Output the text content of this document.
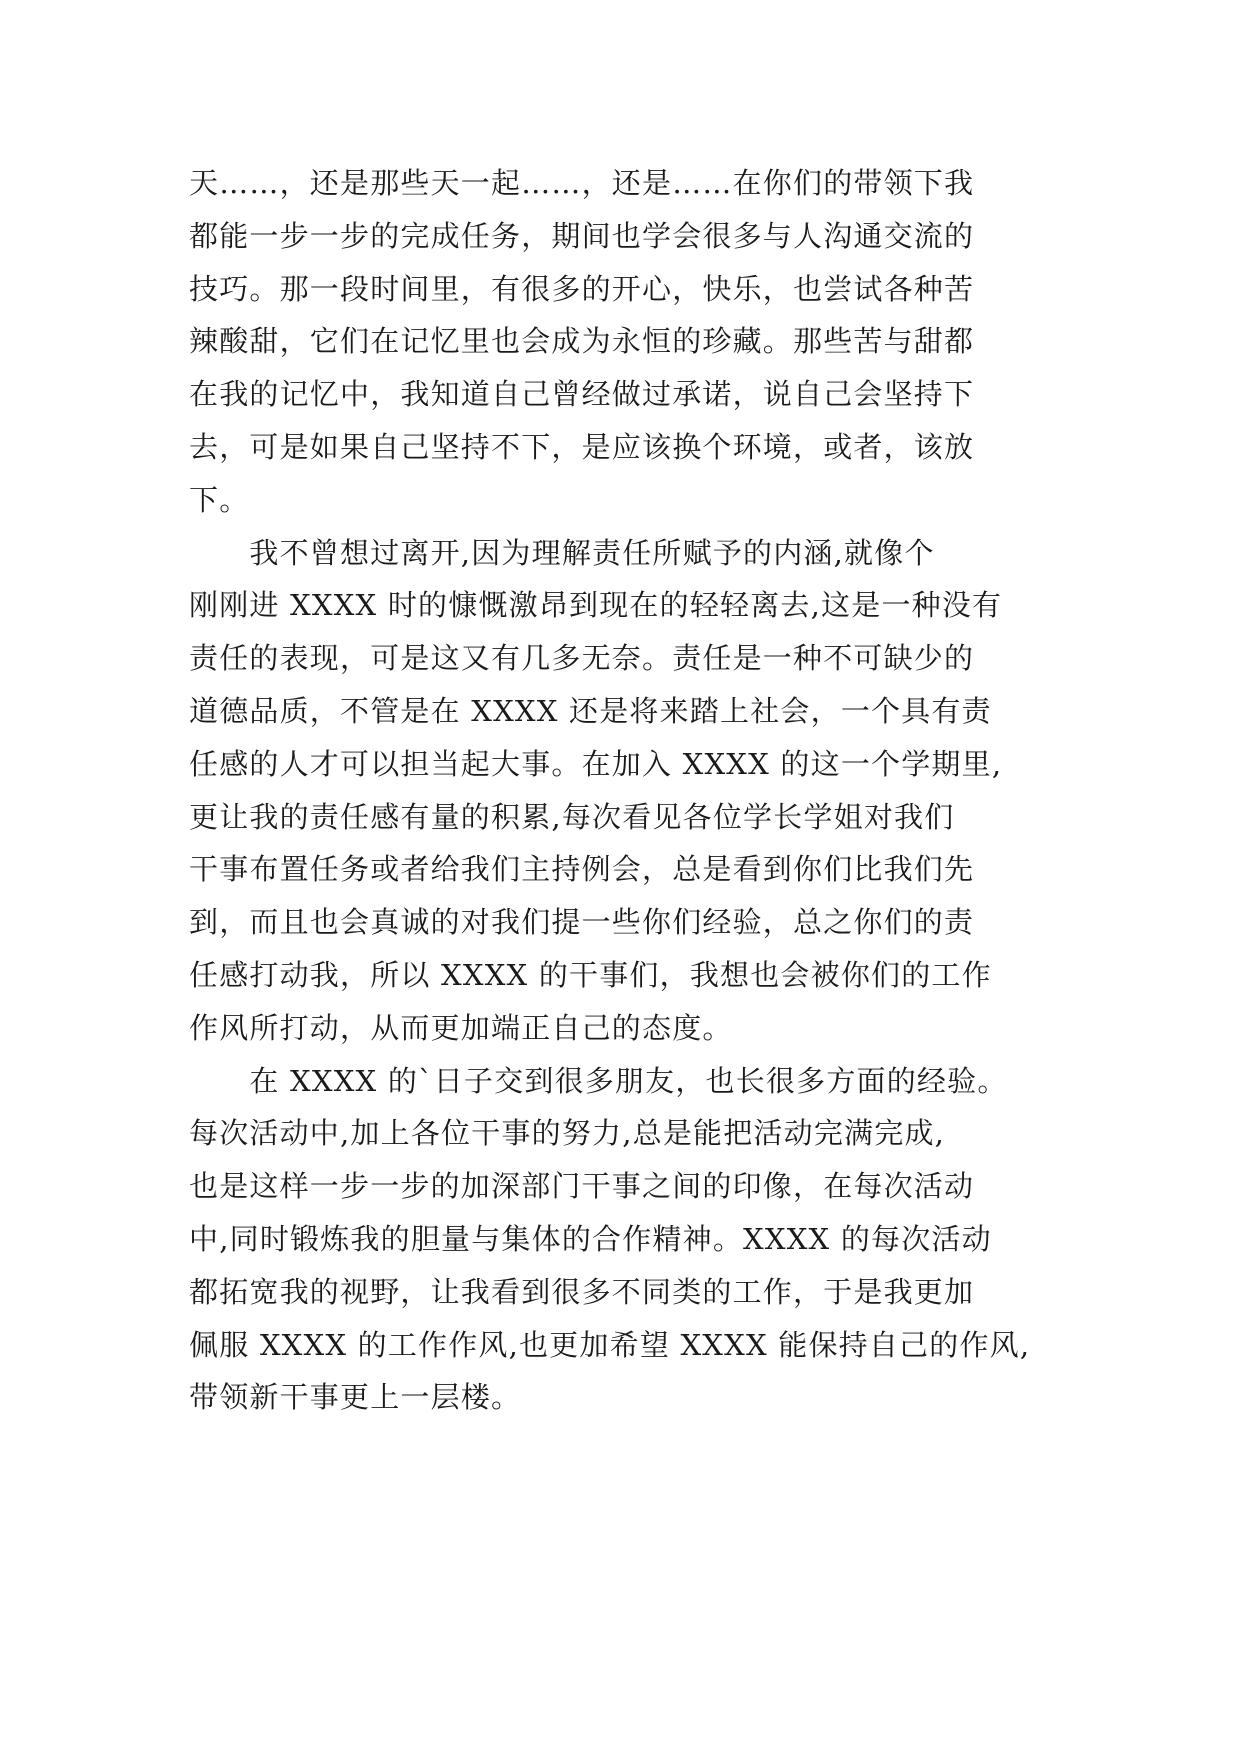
天……，还是那些天一起……，还是……在你们的带领下我
都能一步一步的完成任务，期间也学会很多与人沟通交流的
技巧。那一段时间里，有很多的开心，快乐，也尝试各种苦
辣酸甜，它们在记忆里也会成为永恒的珍藏。那些苦与甜都
在我的记忆中，我知道自己曾经做过承诺，说自己会坚持下
去，可是如果自己坚持不下，是应该换个环境，或者，该放
下。
　　我不曾想过离开,因为理解责任所赋予的内涵,就像个
刚刚进 XXXX 时的慷慨激昂到现在的轻轻离去,这是一种没有
责任的表现，可是这又有几多无奈。责任是一种不可缺少的
道德品质，不管是在 XXXX 还是将来踏上社会，一个具有责
任感的人才可以担当起大事。在加入 XXXX 的这一个学期里,
更让我的责任感有量的积累,每次看见各位学长学姐对我们
干事布置任务或者给我们主持例会，总是看到你们比我们先
到，而且也会真诚的对我们提一些你们经验，总之你们的责
任感打动我，所以 XXXX 的干事们，我想也会被你们的工作
作风所打动，从而更加端正自己的态度。
　　在 XXXX 的`日子交到很多朋友，也长很多方面的经验。
每次活动中,加上各位干事的努力,总是能把活动完满完成,
也是这样一步一步的加深部门干事之间的印像，在每次活动
中,同时锻炼我的胆量与集体的合作精神。XXXX 的每次活动
都拓宽我的视野，让我看到很多不同类的工作，于是我更加
佩服 XXXX 的工作作风,也更加希望 XXXX 能保持自己的作风,
带领新干事更上一层楼。
